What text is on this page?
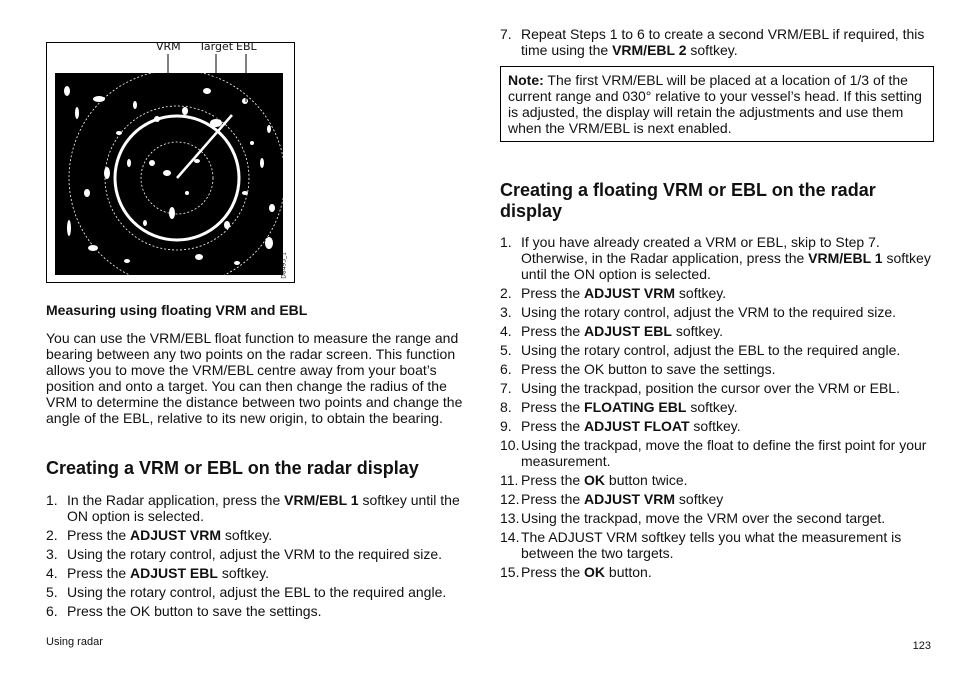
D8493_1
VRM Target EBL
Measuring using floating VRM and EBL

You can use the VRM/EBL float function to measure the range and bearing between any two points on the radar screen. This function allows you to move the VRM/EBL centre away from your boat’s position and onto a target. You can then change the radius of the VRM to determine the distance between two points and change the angle of the EBL, relative to its new origin, to obtain the bearing.

Creating a VRM or EBL on the radar display
1. In the Radar application, press the VRM/EBL 1 softkey until the ON option is selected.
2. Press the ADJUST VRM softkey.
3. Using the rotary control, adjust the VRM to the required size.
4. Press the ADJUST EBL softkey.
5. Using the rotary control, adjust the EBL to the required angle.
6. Press the OK button to save the settings.
7. Repeat Steps 1 to 6 to create a second VRM/EBL if required, this time using the VRM/EBL 2 softkey.
Note: The first VRM/EBL will be placed at a location of 1/3 of the current range and 030° relative to your vessel’s head. If this setting is adjusted, the display will retain the adjustments and use them when the VRM/EBL is next enabled.
Creating a floating VRM or EBL on the radar display
1. If you have already created a VRM or EBL, skip to Step 7. Otherwise, in the Radar application, press the VRM/EBL 1 softkey until the ON option is selected.
2. Press the ADJUST VRM softkey.
3. Using the rotary control, adjust the VRM to the required size.
4. Press the ADJUST EBL softkey.
5. Using the rotary control, adjust the EBL to the required angle.
6. Press the OK button to save the settings.
7. Using the trackpad, position the cursor over the VRM or EBL.
8. Press the FLOATING EBL softkey.
9. Press the ADJUST FLOAT softkey.
10. Using the trackpad, move the float to define the first point for your measurement.
11. Press the OK button twice.
12. Press the ADJUST VRM softkey
13. Using the trackpad, move the VRM over the second target.
14. The ADJUST VRM softkey tells you what the measurement is between the two targets.
15. Press the OK button.
Using radar	123
